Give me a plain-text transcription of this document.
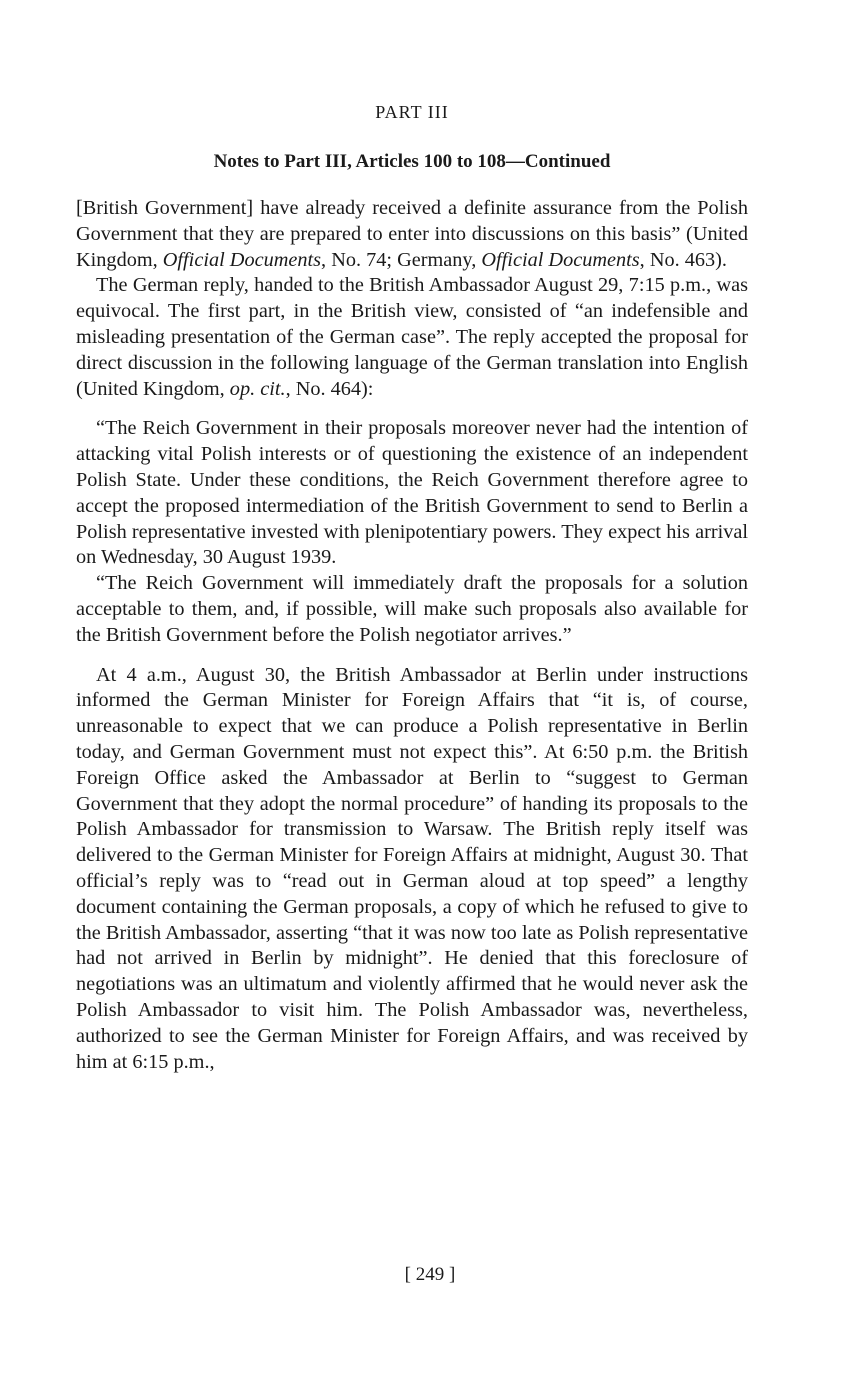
PART III
Notes to Part III, Articles 100 to 108—Continued

[British Government] have already received a definite assurance from the Polish Government that they are prepared to enter into discussions on this basis” (United Kingdom, Official Documents, No. 74; Germany, Official Documents, No. 463).

The German reply, handed to the British Ambassador August 29, 7:15 p.m., was equivocal. The first part, in the British view, consisted of “an indefensible and misleading presentation of the German case”. The reply accepted the proposal for direct discussion in the following language of the German translation into English (United Kingdom, op. cit., No. 464):

“The Reich Government in their proposals moreover never had the intention of attacking vital Polish interests or of questioning the existence of an independent Polish State. Under these conditions, the Reich Government therefore agree to accept the proposed intermediation of the British Government to send to Berlin a Polish representative invested with plenipotentiary powers. They expect his arrival on Wednesday, 30 August 1939.

“The Reich Government will immediately draft the proposals for a solution acceptable to them, and, if possible, will make such proposals also available for the British Government before the Polish negotiator arrives.”

At 4 a.m., August 30, the British Ambassador at Berlin under instructions informed the German Minister for Foreign Affairs that “it is, of course, unreasonable to expect that we can produce a Polish representative in Berlin today, and German Government must not expect this”. At 6:50 p.m. the British Foreign Office asked the Ambassador at Berlin to “suggest to German Government that they adopt the normal procedure” of handing its proposals to the Polish Ambassador for transmission to Warsaw. The British reply itself was delivered to the German Minister for Foreign Affairs at midnight, August 30. That official’s reply was to “read out in German aloud at top speed” a lengthy document containing the German proposals, a copy of which he refused to give to the British Ambassador, asserting “that it was now too late as Polish representative had not arrived in Berlin by midnight”. He denied that this foreclosure of negotiations was an ultimatum and violently affirmed that he would never ask the Polish Ambassador to visit him. The Polish Ambassador was, nevertheless, authorized to see the German Minister for Foreign Affairs, and was received by him at 6:15 p.m.,

[ 249 ]
